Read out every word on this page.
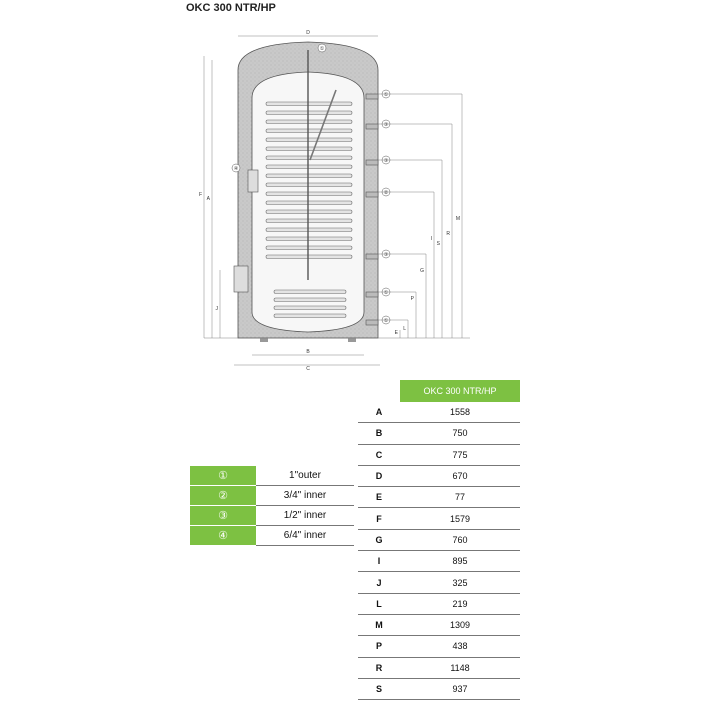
OKC 300 NTR/HP
①
①
③
③
②
③
①
①
④
D
B
C
A
F
M
R
S
I
G
P
L
E
J
①	1"outer
②	3/4" inner
③	1/2" inner
④	6/4" inner
	OKC 300 NTR/HP
A	1558
B	750
C	775
D	670
E	77
F	1579
G	760
I	895
J	325
L	219
M	1309
P	438
R	1148
S	937
